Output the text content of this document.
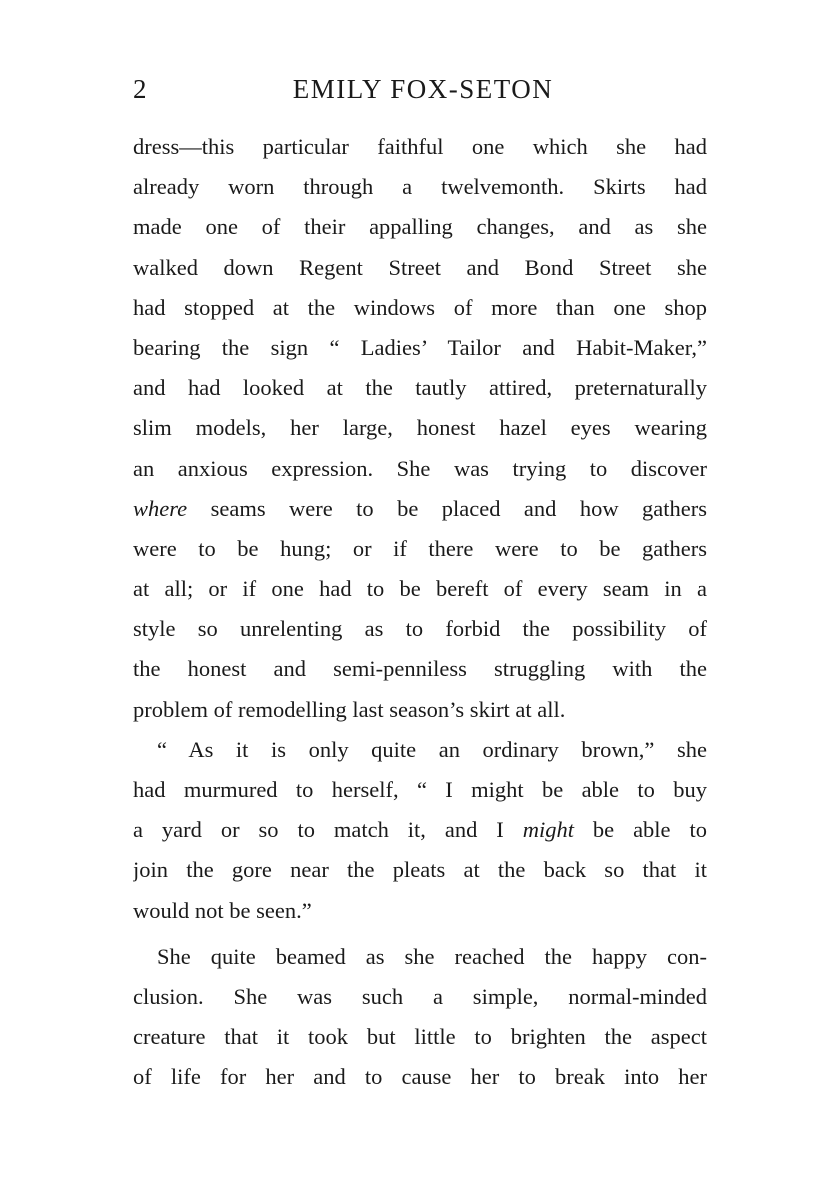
2	EMILY FOX-SETON
dress—this particular faithful one which she had
already worn through a twelvemonth. Skirts had
made one of their appalling changes, and as she
walked down Regent Street and Bond Street she
had stopped at the windows of more than one shop
bearing the sign “ Ladies’ Tailor and Habit-Maker,”
and had looked at the tautly attired, preternaturally
slim models, her large, honest hazel eyes wearing
an anxious expression. She was trying to discover
where seams were to be placed and how gathers
were to be hung; or if there were to be gathers
at all; or if one had to be bereft of every seam in a
style so unrelenting as to forbid the possibility of
the honest and semi-penniless struggling with the
problem of remodelling last season’s skirt at all.
“ As it is only quite an ordinary brown,” she
had murmured to herself, “ I might be able to buy
a yard or so to match it, and I might be able to
join the gore near the pleats at the back so that it
would not be seen.”
She quite beamed as she reached the happy con-
clusion. She was such a simple, normal-minded
creature that it took but little to brighten the aspect
of life for her and to cause her to break into her
